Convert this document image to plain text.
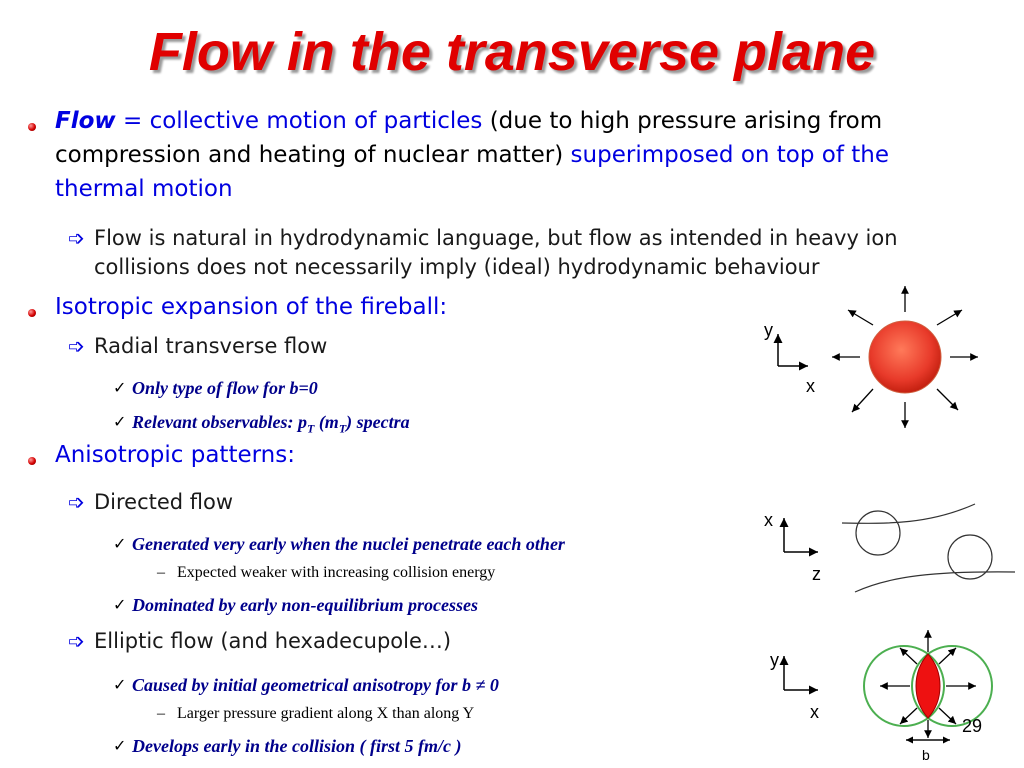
Flow in the transverse plane
Flow = collective motion of particles (due to high pressure arising from
compression and heating of nuclear matter) superimposed on top of the
thermal motion
➩ Flow is natural in hydrodynamic language, but flow as intended in heavy ion
collisions does not necessarily imply (ideal) hydrodynamic behaviour
Isotropic expansion of the fireball:
➩ Radial transverse flow
✓ Only type of flow for b=0
✓ Relevant observables: $p_T$ $(m_T)$ spectra
Anisotropic patterns:
➩ Directed flow
✓ Generated very early when the nuclei penetrate each other
– Expected weaker with increasing collision energy
✓ Dominated by early non-equilibrium processes
➩ Elliptic flow (and hexadecupole…)
✓ Caused by initial geometrical anisotropy for b ≠ 0
– Larger pressure gradient along X than along Y
✓ Develops early in the collision ( first 5 fm/c )
y
x
x
z
y
x
b
29
